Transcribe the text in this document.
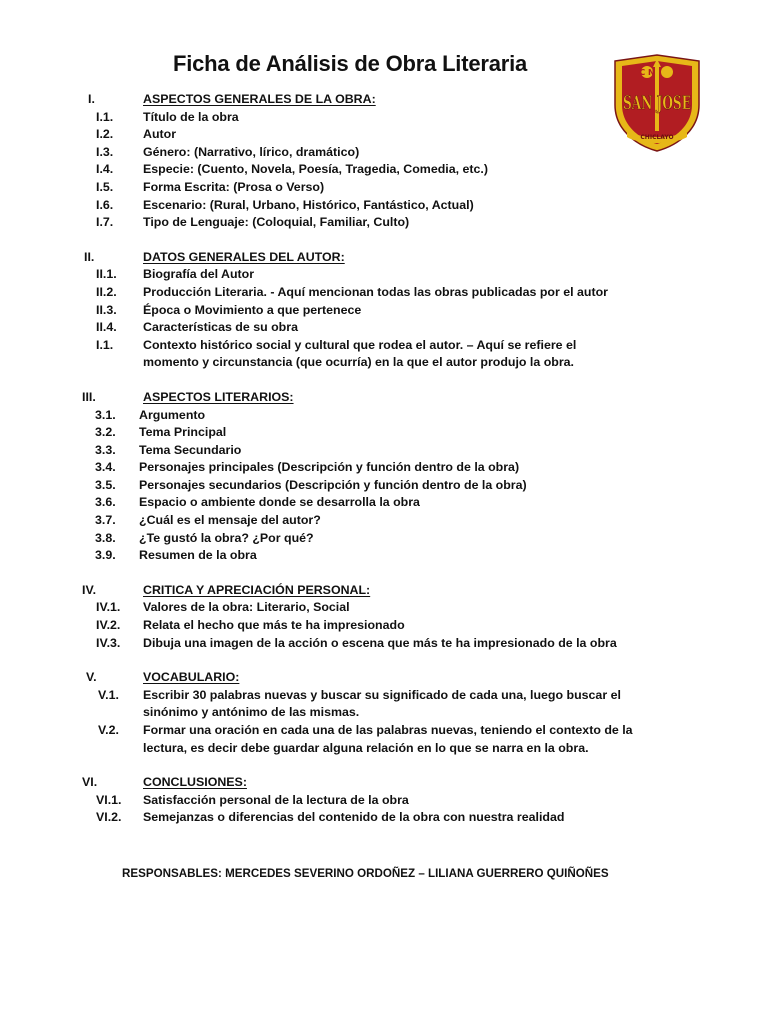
Ficha de Análisis de Obra Literaria	C N
SAN JOSE
CHICLAYO
I.	ASPECTOS GENERALES DE LA OBRA:
I.1. Título de la obra
I.2. Autor
I.3. Género: (Narrativo, lírico, dramático)
I.4. Especie: (Cuento, Novela, Poesía, Tragedia, Comedia, etc.)
I.5. Forma Escrita: (Prosa o Verso)
I.6. Escenario: (Rural, Urbano, Histórico, Fantástico, Actual)
I.7. Tipo de Lenguaje: (Coloquial, Familiar, Culto)
II.	DATOS GENERALES DEL AUTOR:
II.1. Biografía del Autor
II.2. Producción Literaria. - Aquí mencionan todas las obras publicadas por el autor
II.3. Época o Movimiento a que pertenece
II.4. Características de su obra
I.1. Contexto histórico social y cultural que rodea el autor. – Aquí se refiere el
momento y circunstancia (que ocurría) en la que el autor produjo la obra.
III.	ASPECTOS LITERARIOS:
3.1. Argumento
3.2. Tema Principal
3.3. Tema Secundario
3.4. Personajes principales (Descripción y función dentro de la obra)
3.5. Personajes secundarios (Descripción y función dentro de la obra)
3.6. Espacio o ambiente donde se desarrolla la obra
3.7. ¿Cuál es el mensaje del autor?
3.8. ¿Te gustó la obra? ¿Por qué?
3.9. Resumen de la obra
IV.	CRITICA Y APRECIACIÓN PERSONAL:
IV.1. Valores de la obra: Literario, Social
IV.2. Relata el hecho que más te ha impresionado
IV.3. Dibuja una imagen de la acción o escena que más te ha impresionado de la obra
V.	VOCABULARIO:
V.1. Escribir 30 palabras nuevas y buscar su significado de cada una, luego buscar el
sinónimo y antónimo de las mismas.
V.2. Formar una oración en cada una de las palabras nuevas, teniendo el contexto de la
lectura, es decir debe guardar alguna relación en lo que se narra en la obra.
VI.	CONCLUSIONES:
VI.1. Satisfacción personal de la lectura de la obra
VI.2. Semejanzas o diferencias del contenido de la obra con nuestra realidad
RESPONSABLES: MERCEDES SEVERINO ORDOÑEZ – LILIANA GUERRERO QUIÑOÑES
